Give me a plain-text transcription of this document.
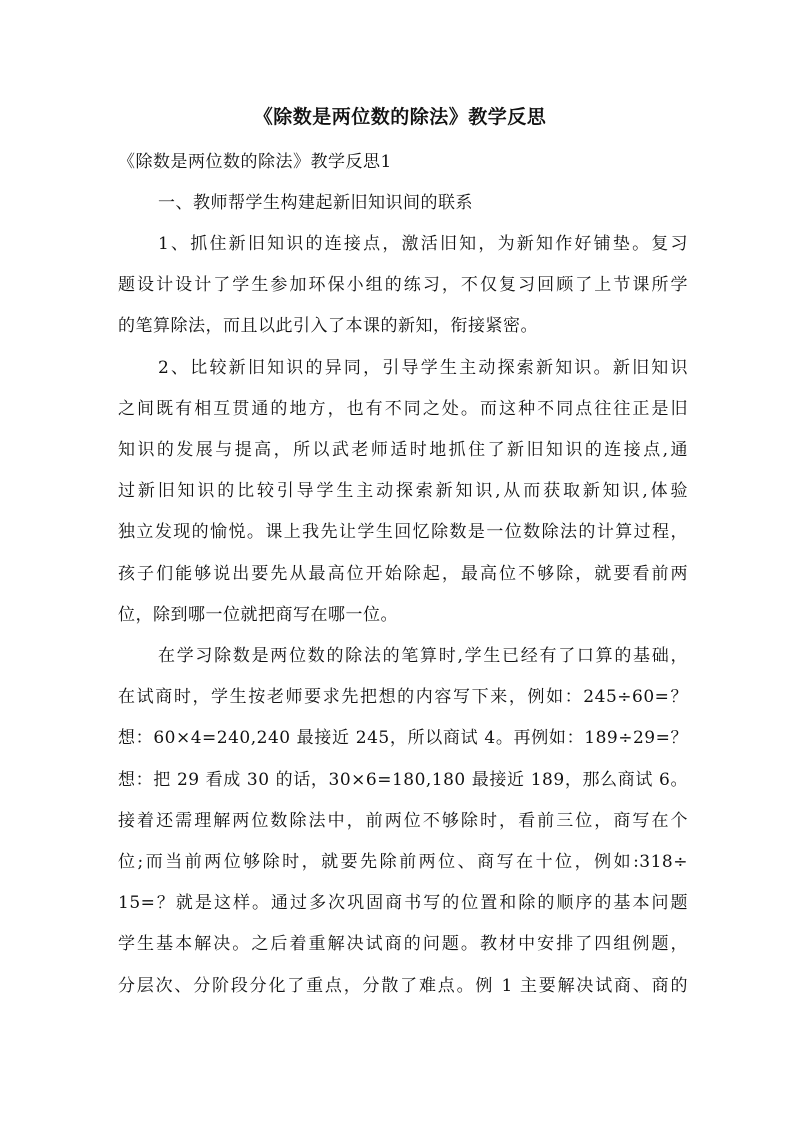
《除数是两位数的除法》教学反思
《除数是两位数的除法》教学反思1
一、教师帮学生构建起新旧知识间的联系
1、抓住新旧知识的连接点，激活旧知，为新知作好铺垫。复习
题设计设计了学生参加环保小组的练习，不仅复习回顾了上节课所学
的笔算除法，而且以此引入了本课的新知，衔接紧密。
2、比较新旧知识的异同，引导学生主动探索新知识。新旧知识
之间既有相互贯通的地方，也有不同之处。而这种不同点往往正是旧
知识的发展与提高，所以武老师适时地抓住了新旧知识的连接点,通
过新旧知识的比较引导学生主动探索新知识,从而获取新知识,体验
独立发现的愉悦。课上我先让学生回忆除数是一位数除法的计算过程，
孩子们能够说出要先从最高位开始除起，最高位不够除，就要看前两
位，除到哪一位就把商写在哪一位。
在学习除数是两位数的除法的笔算时,学生已经有了口算的基础，
在试商时，学生按老师要求先把想的内容写下来，例如：245÷60=？
想：60×4=240,240 最接近 245，所以商试 4。再例如：189÷29=？
想：把 29 看成 30 的话，30×6=180,180 最接近 189，那么商试 6。
接着还需理解两位数除法中，前两位不够除时，看前三位，商写在个
位;而当前两位够除时，就要先除前两位、商写在十位，例如:318÷
15=？就是这样。通过多次巩固商书写的位置和除的顺序的基本问题
学生基本解决。之后着重解决试商的问题。教材中安排了四组例题，
分层次、分阶段分化了重点，分散了难点。例 1 主要解决试商、商的
